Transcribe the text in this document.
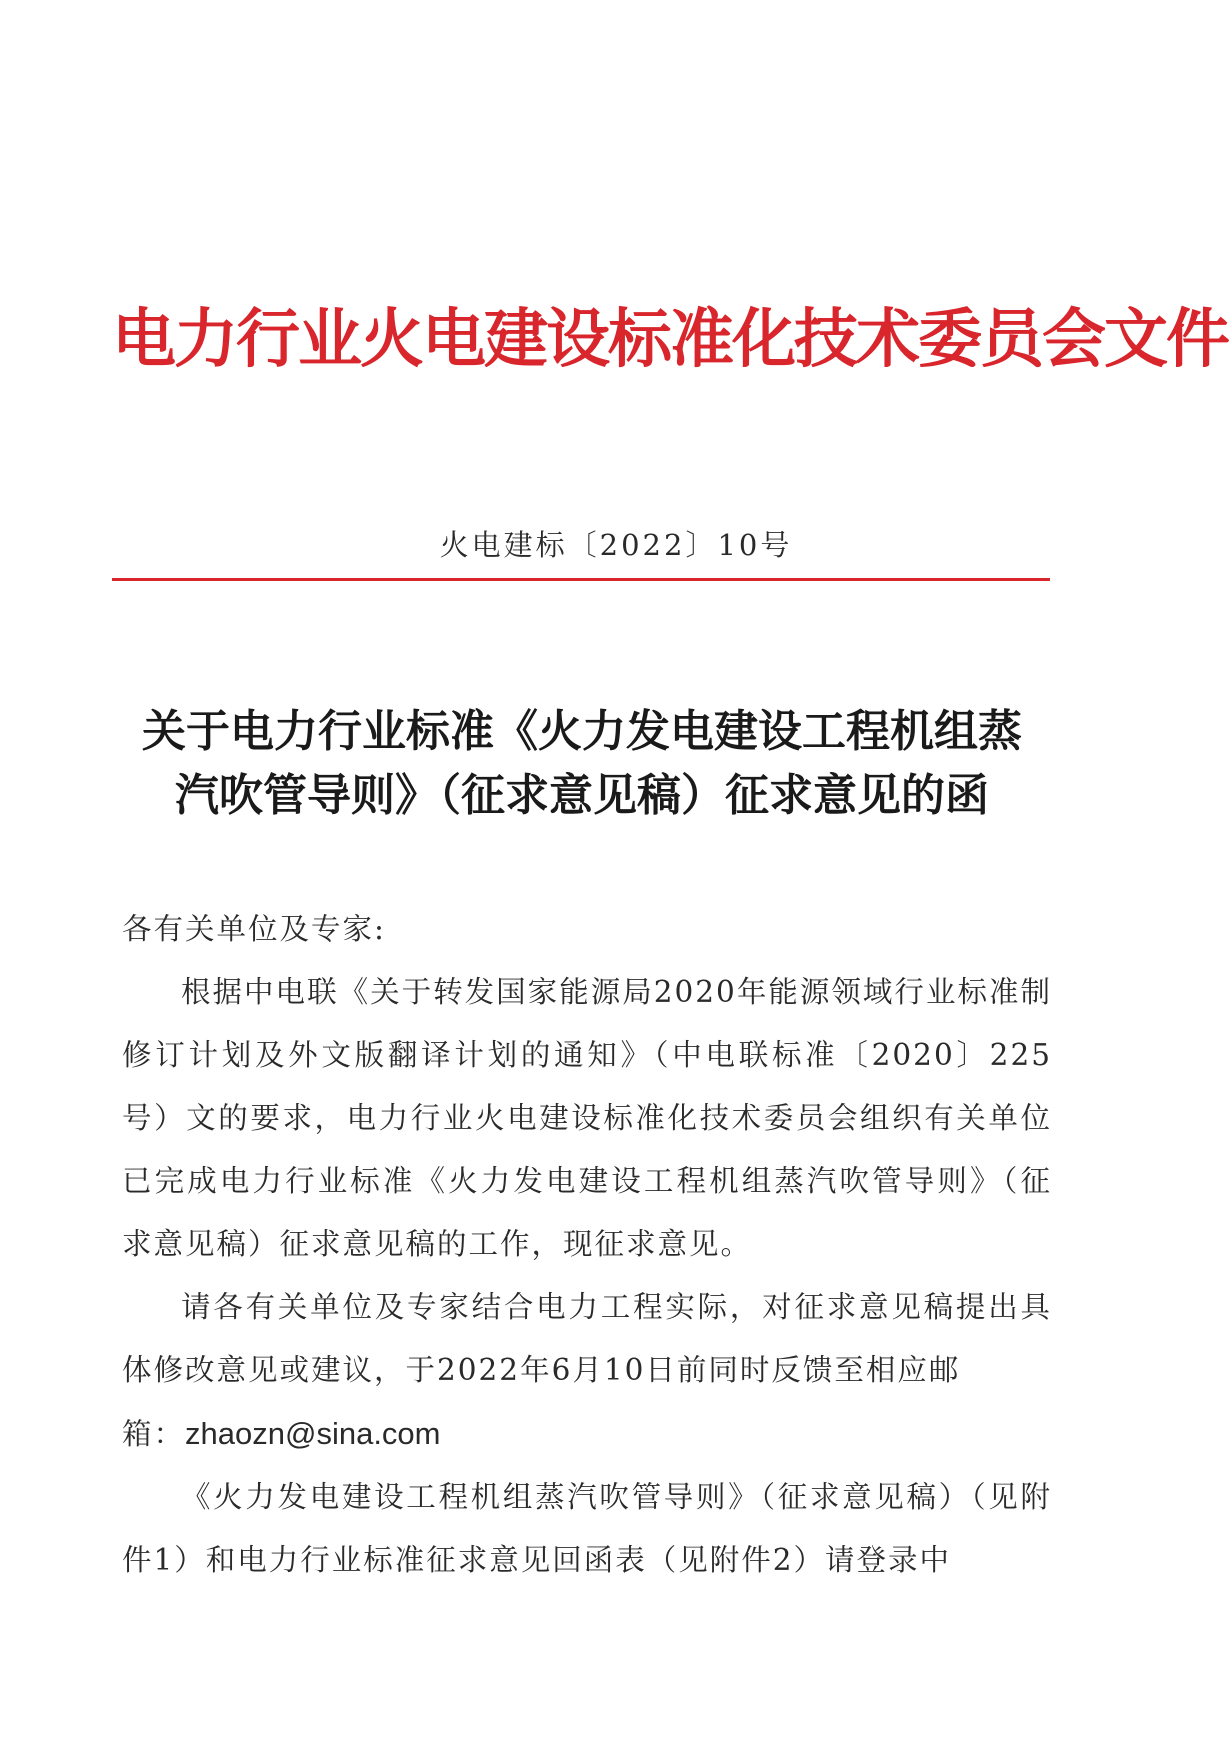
电力行业火电建设标准化技术委员会文件
火电建标〔2022〕10号
关于电力行业标准《火力发电建设工程机组蒸
汽吹管导则》（征求意见稿）征求意见的函

各有关单位及专家:

根据中电联《关于转发国家能源局2020年能源领域行业标准制修订计划及外文版翻译计划的通知》（中电联标准〔2020〕225号）文的要求，电力行业火电建设标准化技术委员会组织有关单位已完成电力行业标准《火力发电建设工程机组蒸汽吹管导则》（征求意见稿）征求意见稿的工作，现征求意见。

请各有关单位及专家结合电力工程实际，对征求意见稿提出具体修改意见或建议，于2022年6月10日前同时反馈至相应邮

箱：zhaozn@sina.com

《火力发电建设工程机组蒸汽吹管导则》（征求意见稿）（见附件1）和电力行业标准征求意见回函表（见附件2）请登录中
